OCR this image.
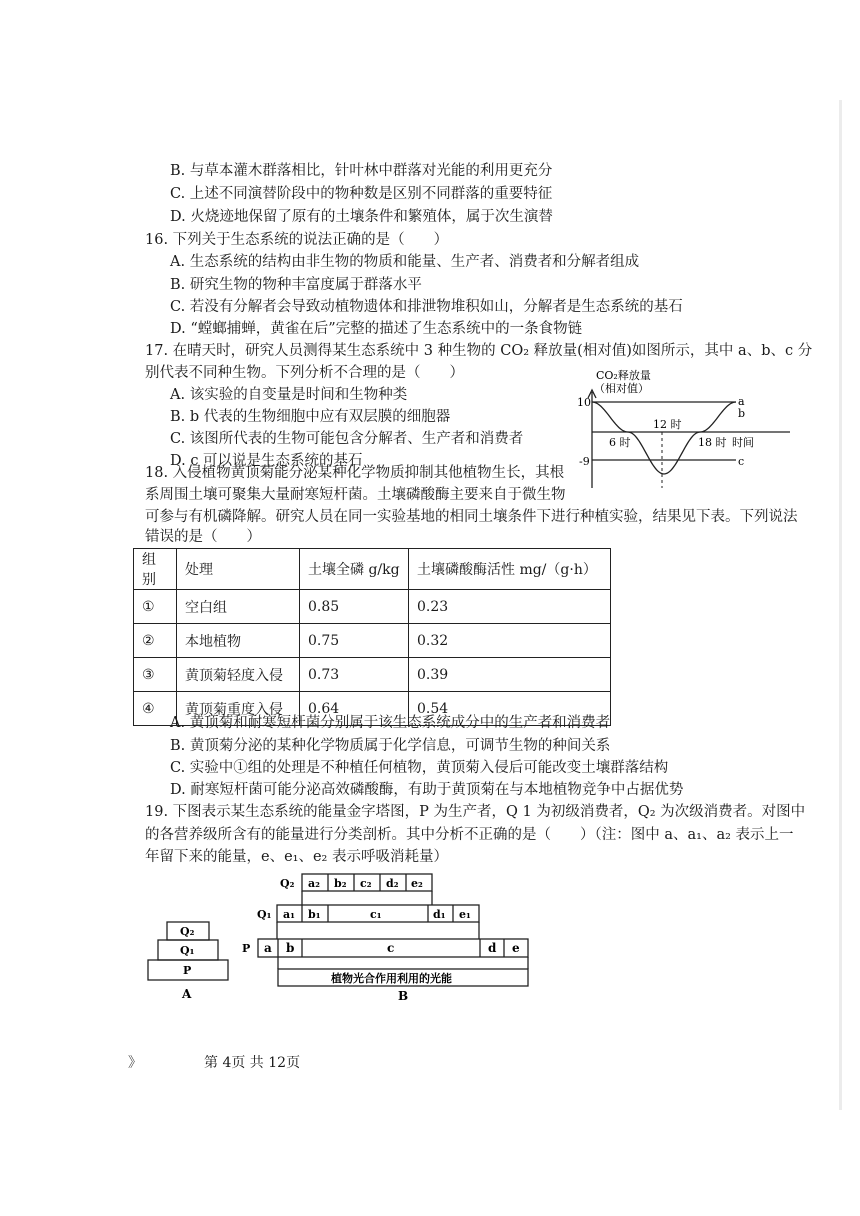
B. 与草本灌木群落相比，针叶林中群落对光能的利用更充分
C. 上述不同演替阶段中的物种数是区别不同群落的重要特征
D. 火烧迹地保留了原有的土壤条件和繁殖体，属于次生演替
16. 下列关于生态系统的说法正确的是（　　）
A. 生态系统的结构由非生物的物质和能量、生产者、消费者和分解者组成
B. 研究生物的物种丰富度属于群落水平
C. 若没有分解者会导致动植物遗体和排泄物堆积如山，分解者是生态系统的基石
D. “螳螂捕蝉，黄雀在后”完整的描述了生态系统中的一条食物链
17. 在晴天时，研究人员测得某生态系统中 3 种生物的 CO₂ 释放量(相对值)如图所示，其中 a、b、c 分
别代表不同种生物。下列分析不合理的是（　　）
A. 该实验的自变量是时间和生物种类
B. b 代表的生物细胞中应有双层膜的细胞器
C. 该图所代表的生物可能包含分解者、生产者和消费者
D. c 可以说是生态系统的基石
CO₂释放量
（相对值）
10
-9
a
b
c
6 时
12 时
18 时 时间
18. 入侵植物黄顶菊能分泌某种化学物质抑制其他植物生长，其根
系周围土壤可聚集大量耐寒短杆菌。土壤磷酸酶主要来自于微生物
可参与有机磷降解。研究人员在同一实验基地的相同土壤条件下进行种植实验，结果见下表。下列说法
错误的是（　　）
组别	处理	土壤全磷 g/kg	土壤磷酸酶活性 mg/（g·h）
①	空白组	0.85	0.23
②	本地植物	0.75	0.32
③	黄顶菊轻度入侵	0.73	0.39
④	黄顶菊重度入侵	0.64	0.54
A. 黄顶菊和耐寒短杆菌分别属于该生态系统成分中的生产者和消费者
B. 黄顶菊分泌的某种化学物质属于化学信息，可调节生物的种间关系
C. 实验中①组的处理是不种植任何植物，黄顶菊入侵后可能改变土壤群落结构
D. 耐寒短杆菌可能分泌高效磷酸酶，有助于黄顶菊在与本地植物竞争中占据优势
19. 下图表示某生态系统的能量金字塔图，P 为生产者，Q 1 为初级消费者，Q₂ 为次级消费者。对图中
的各营养级所含有的能量进行分类剖析。其中分析不正确的是（　　）（注：图中 a、a₁、a₂ 表示上一
年留下来的能量，e、e₁、e₂ 表示呼吸消耗量）
Q₂
Q₁
P
A
Q₂
Q₁
P
a₂ b₂ c₂ d₂ e₂
a₁ b₁	c₁	d₁ e₁
a b	c	d e
植物光合作用利用的光能
B
》	第 4页 共 12页
